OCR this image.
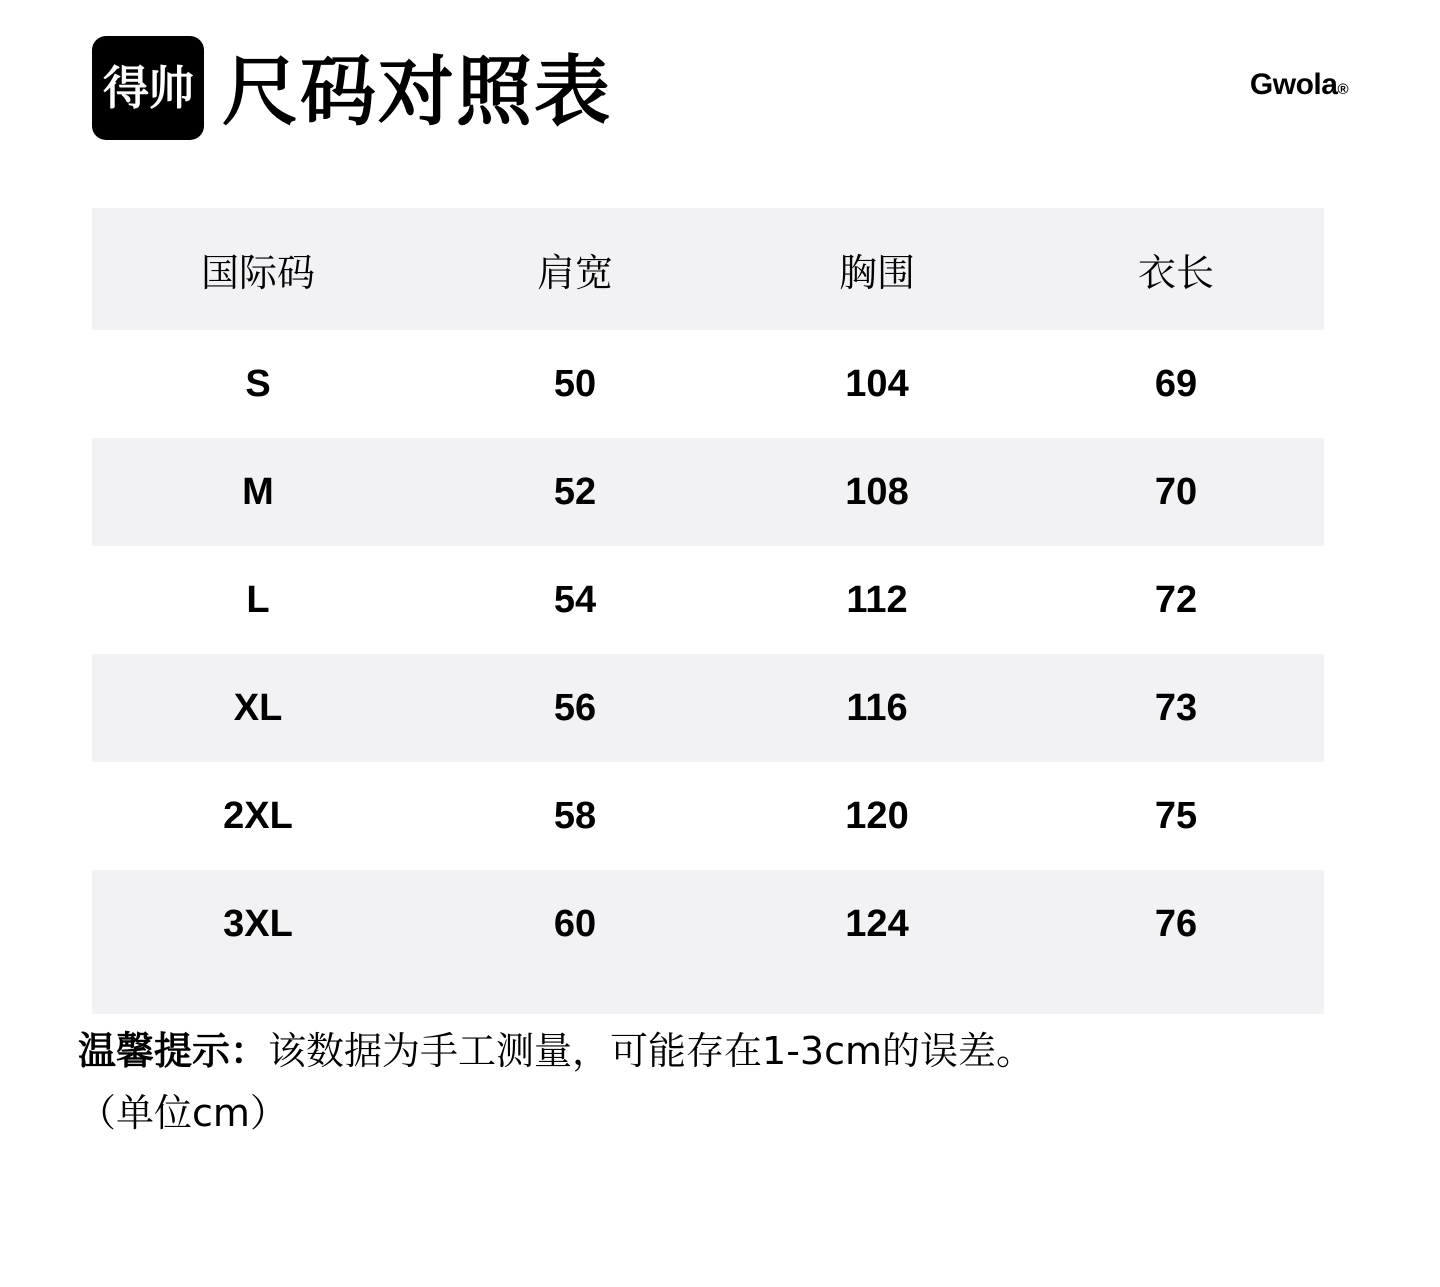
得帅 尺码对照表	Gwola®
国际码	肩宽	胸围	衣长
S	50	104	69
M	52	108	70
L	54	112	72
XL	56	116	73
2XL	58	120	75
3XL	60	124	76
温馨提示：该数据为手工测量，可能存在1-3cm的误差。
（单位cm）
